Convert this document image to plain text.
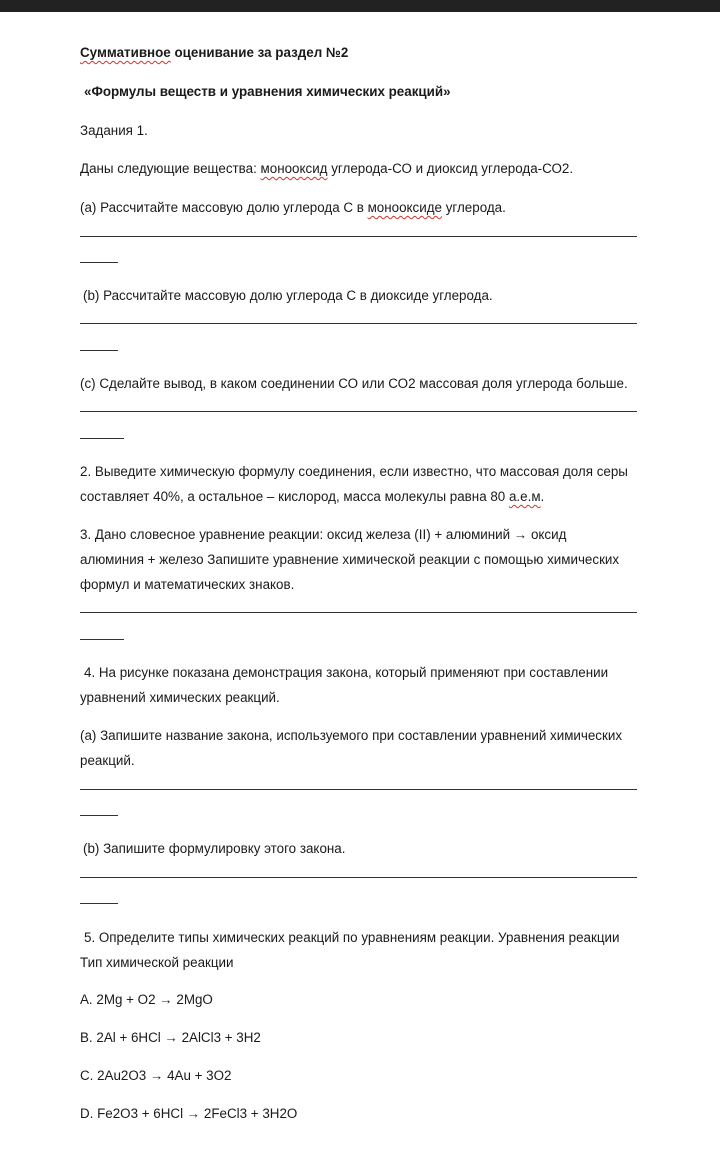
Суммативное оценивание за раздел №2
«Формулы веществ и уравнения химических реакций»
Задания 1.
Даны следующие вещества: монооксид углерода-СО и диоксид углерода-СО2.
(a) Рассчитайте массовую долю углерода С в монооксиде углерода.
(b) Рассчитайте массовую долю углерода С в диоксиде углерода.
(c) Сделайте вывод, в каком соединении СО или СО2 массовая доля углерода больше.
2. Выведите химическую формулу соединения, если известно, что массовая доля серы
составляет 40%, а остальное – кислород, масса молекулы равна 80 а.е.м.
3. Дано словесное уравнение реакции: оксид железа (II) + алюминий → оксид
алюминия + железо Запишите уравнение химической реакции с помощью химических
формул и математических знаков.
4. На рисунке показана демонстрация закона, который применяют при составлении
уравнений химических реакций.
(a) Запишите название закона, используемого при составлении уравнений химических
реакций.
(b) Запишите формулировку этого закона.
5. Определите типы химических реакций по уравнениям реакции. Уравнения реакции
Тип химической реакции
А. 2Mg + O2 → 2MgO
В. 2Al + 6HCl → 2AlCl3 + 3H2
С. 2Au2O3 → 4Au + 3O2
D. Fe2O3 + 6HCl → 2FeCl3 + 3H2O
